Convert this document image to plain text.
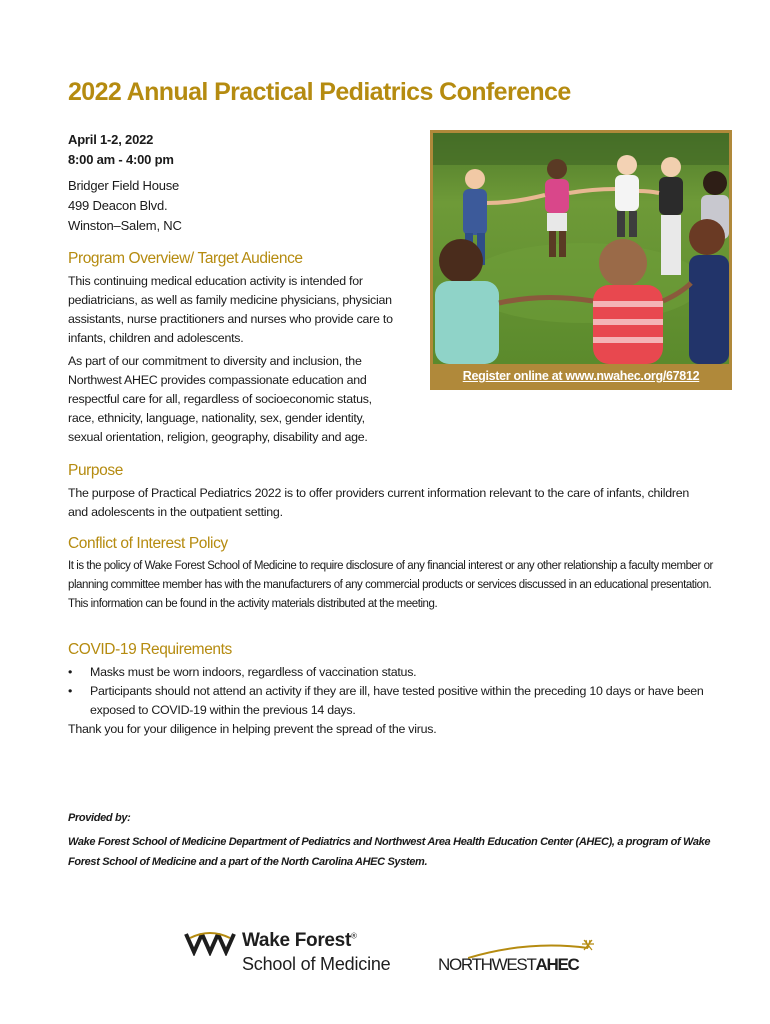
2022 Annual Practical Pediatrics Conference
April 1-2, 2022
8:00 am - 4:00 pm
Bridger Field House
499 Deacon Blvd.
Winston–Salem, NC
Program Overview/ Target Audience

This continuing medical education activity is intended for pediatricians, as well as family medicine physicians, physician assistants, nurse practitioners and nurses who provide care to infants, children and adolescents.

As part of our commitment to diversity and inclusion, the Northwest AHEC provides compassionate education and respectful care for all, regardless of socioeconomic status, race, ethnicity, language, nationality, sex, gender identity, sexual orientation, religion, geography, disability and age.

Register online at www.nwahec.org/67812
Purpose

The purpose of Practical Pediatrics 2022 is to offer providers current information relevant to the care of infants, children and adolescents in the outpatient setting.

Conflict of Interest Policy

It is the policy of Wake Forest School of Medicine to require disclosure of any financial interest or any other relationship a faculty member or planning committee member has with the manufacturers of any commercial products or services discussed in an educational presentation. This information can be found in the activity materials distributed at the meeting.

COVID-19 Requirements
• Masks must be worn indoors, regardless of vaccination status.
• Participants should not attend an activity if they are ill, have tested positive within the preceding 10 days or have been exposed to COVID-19 within the previous 14 days.

Thank you for your diligence in helping prevent the spread of the virus.

Provided by:
Wake Forest School of Medicine Department of Pediatrics and Northwest Area Health Education Center (AHEC), a program of Wake Forest School of Medicine and a part of the North Carolina AHEC System.
Wake Forest®
School of Medicine	NORTHWESTAHEC
